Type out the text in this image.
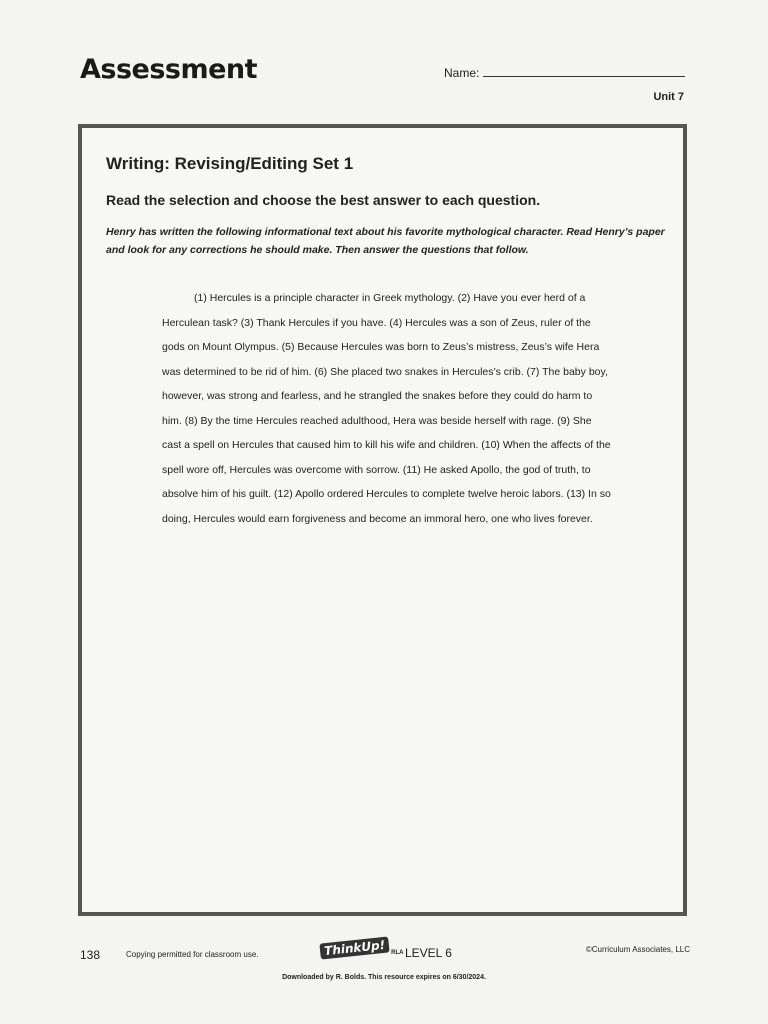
Assessment	Name:
Unit 7
Writing: Revising/Editing Set 1
Read the selection and choose the best answer to each question.
Henry has written the following informational text about his favorite mythological character. Read Henry’s paper and look for any corrections he should make. Then answer the questions that follow.

(1) Hercules is a principle character in Greek mythology. (2) Have you ever herd of a Herculean task? (3) Thank Hercules if you have. (4) Hercules was a son of Zeus, ruler of the gods on Mount Olympus. (5) Because Hercules was born to Zeus’s mistress, Zeus’s wife Hera was determined to be rid of him. (6) She placed two snakes in Hercules’s crib. (7) The baby boy, however, was strong and fearless, and he strangled the snakes before they could do harm to him. (8) By the time Hercules reached adulthood, Hera was beside herself with rage. (9) She cast a spell on Hercules that caused him to kill his wife and children. (10) When the affects of the spell wore off, Hercules was overcome with sorrow. (11) He asked Apollo, the god of truth, to absolve him of his guilt. (12) Apollo ordered Hercules to complete twelve heroic labors. (13) In so doing, Hercules would earn forgiveness and become an immoral hero, one who lives forever.

138	Copying permitted for classroom use.	ThinkUp! RLA LEVEL 6	©Curriculum Associates, LLC
Downloaded by R. Bolds. This resource expires on 6/30/2024.
